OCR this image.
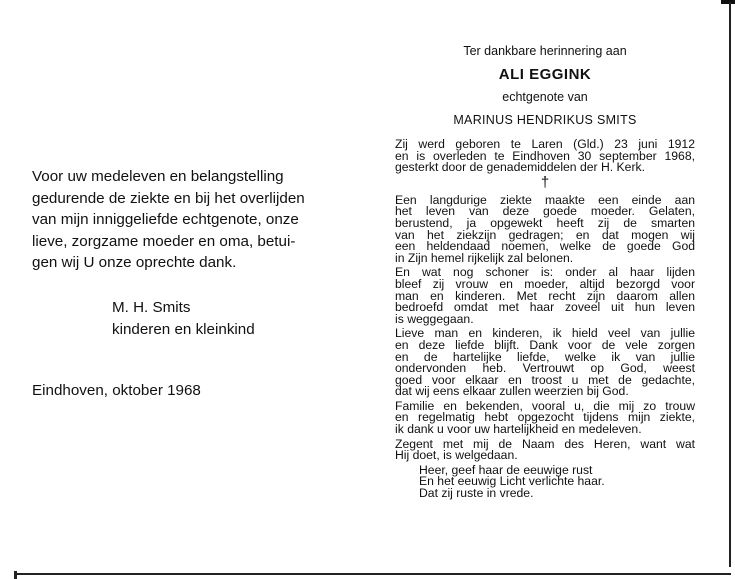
Voor uw medeleven en belangstelling

gedurende de ziekte en bij het overlijden

van mijn inniggeliefde echtgenote, onze

lieve, zorgzame moeder en oma, betui-

gen wij U onze oprechte dank.

M. H. Smits

kinderen en kleinkind

Eindhoven, oktober 1968

Ter dankbare herinnering aan

ALI EGGINK

echtgenote van

MARINUS HENDRIKUS SMITS

Zij werd geboren te Laren (Gld.) 23 juni 1912
en is overleden te Eindhoven 30 september 1968,
gesterkt door de genademiddelen der H. Kerk.
†
Een langdurige ziekte maakte een einde aan
het leven van deze goede moeder. Gelaten,
berustend, ja opgewekt heeft zij de smarten
van het ziekzijn gedragen; en dat mogen wij
een heldendaad noemen, welke de goede God
in Zijn hemel rijkelijk zal belonen.
En wat nog schoner is: onder al haar lijden
bleef zij vrouw en moeder, altijd bezorgd voor
man en kinderen. Met recht zijn daarom allen
bedroefd omdat met haar zoveel uit hun leven
is weggegaan.
Lieve man en kinderen, ik hield veel van jullie
en deze liefde blijft. Dank voor de vele zorgen
en de hartelijke liefde, welke ik van jullie
ondervonden heb. Vertrouwt op God, weest
goed voor elkaar en troost u met de gedachte,
dat wij eens elkaar zullen weerzien bij God.
Familie en bekenden, vooral u, die mij zo trouw
en regelmatig hebt opgezocht tijdens mijn ziekte,
ik dank u voor uw hartelijkheid en medeleven.
Zegent met mij de Naam des Heren, want wat
Hij doet, is welgedaan.
Heer, geef haar de eeuwige rust
En het eeuwig Licht verlichte haar.
Dat zij ruste in vrede.
